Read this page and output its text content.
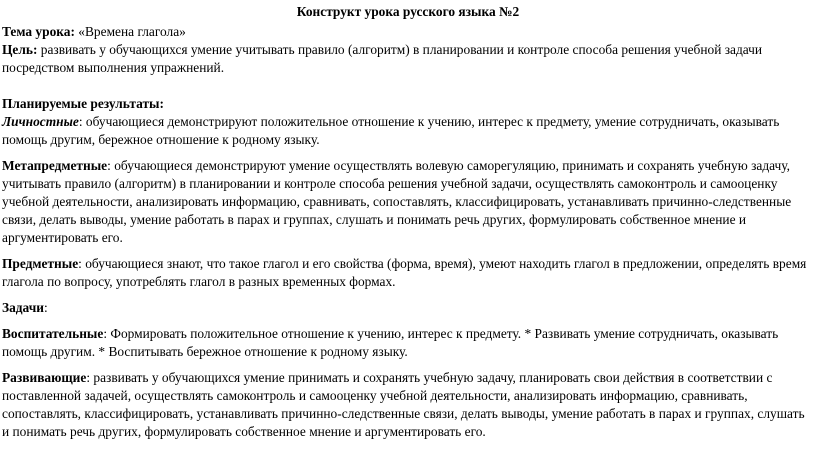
Конструкт урока русского языка №2

Тема урока: «Времена глагола»

Цель: развивать у обучающихся умение учитывать правило (алгоритм) в планировании и контроле способа решения учебной задачи посредством выполнения упражнений.

Планируемые результаты:

Личностные: обучающиеся демонстрируют положительное отношение к учению, интерес к предмету, умение сотрудничать, оказывать помощь другим, бережное отношение к родному языку.

Метапредметные: обучающиеся демонстрируют умение осуществлять волевую саморегуляцию, принимать и сохранять учебную задачу, учитывать правило (алгоритм) в планировании и контроле способа решения учебной задачи, осуществлять самоконтроль и самооценку учебной деятельности, анализировать информацию, сравнивать, сопоставлять, классифицировать, устанавливать причинно-следственные связи, делать выводы, умение работать в парах и группах, слушать и понимать речь других, формулировать собственное мнение и аргументировать его.

Предметные: обучающиеся знают, что такое глагол и его свойства (форма, время), умеют находить глагол в предложении, определять время глагола по вопросу, употреблять глагол в разных временных формах.

Задачи:

Воспитательные: Формировать положительное отношение к учению, интерес к предмету. * Развивать умение сотрудничать, оказывать помощь другим. * Воспитывать бережное отношение к родному языку.

Развивающие: развивать у обучающихся умение принимать и сохранять учебную задачу, планировать свои действия в соответствии с поставленной задачей, осуществлять самоконтроль и самооценку учебной деятельности, анализировать информацию, сравнивать, сопоставлять, классифицировать, устанавливать причинно-следственные связи, делать выводы, умение работать в парах и группах, слушать и понимать речь других, формулировать собственное мнение и аргументировать его.
